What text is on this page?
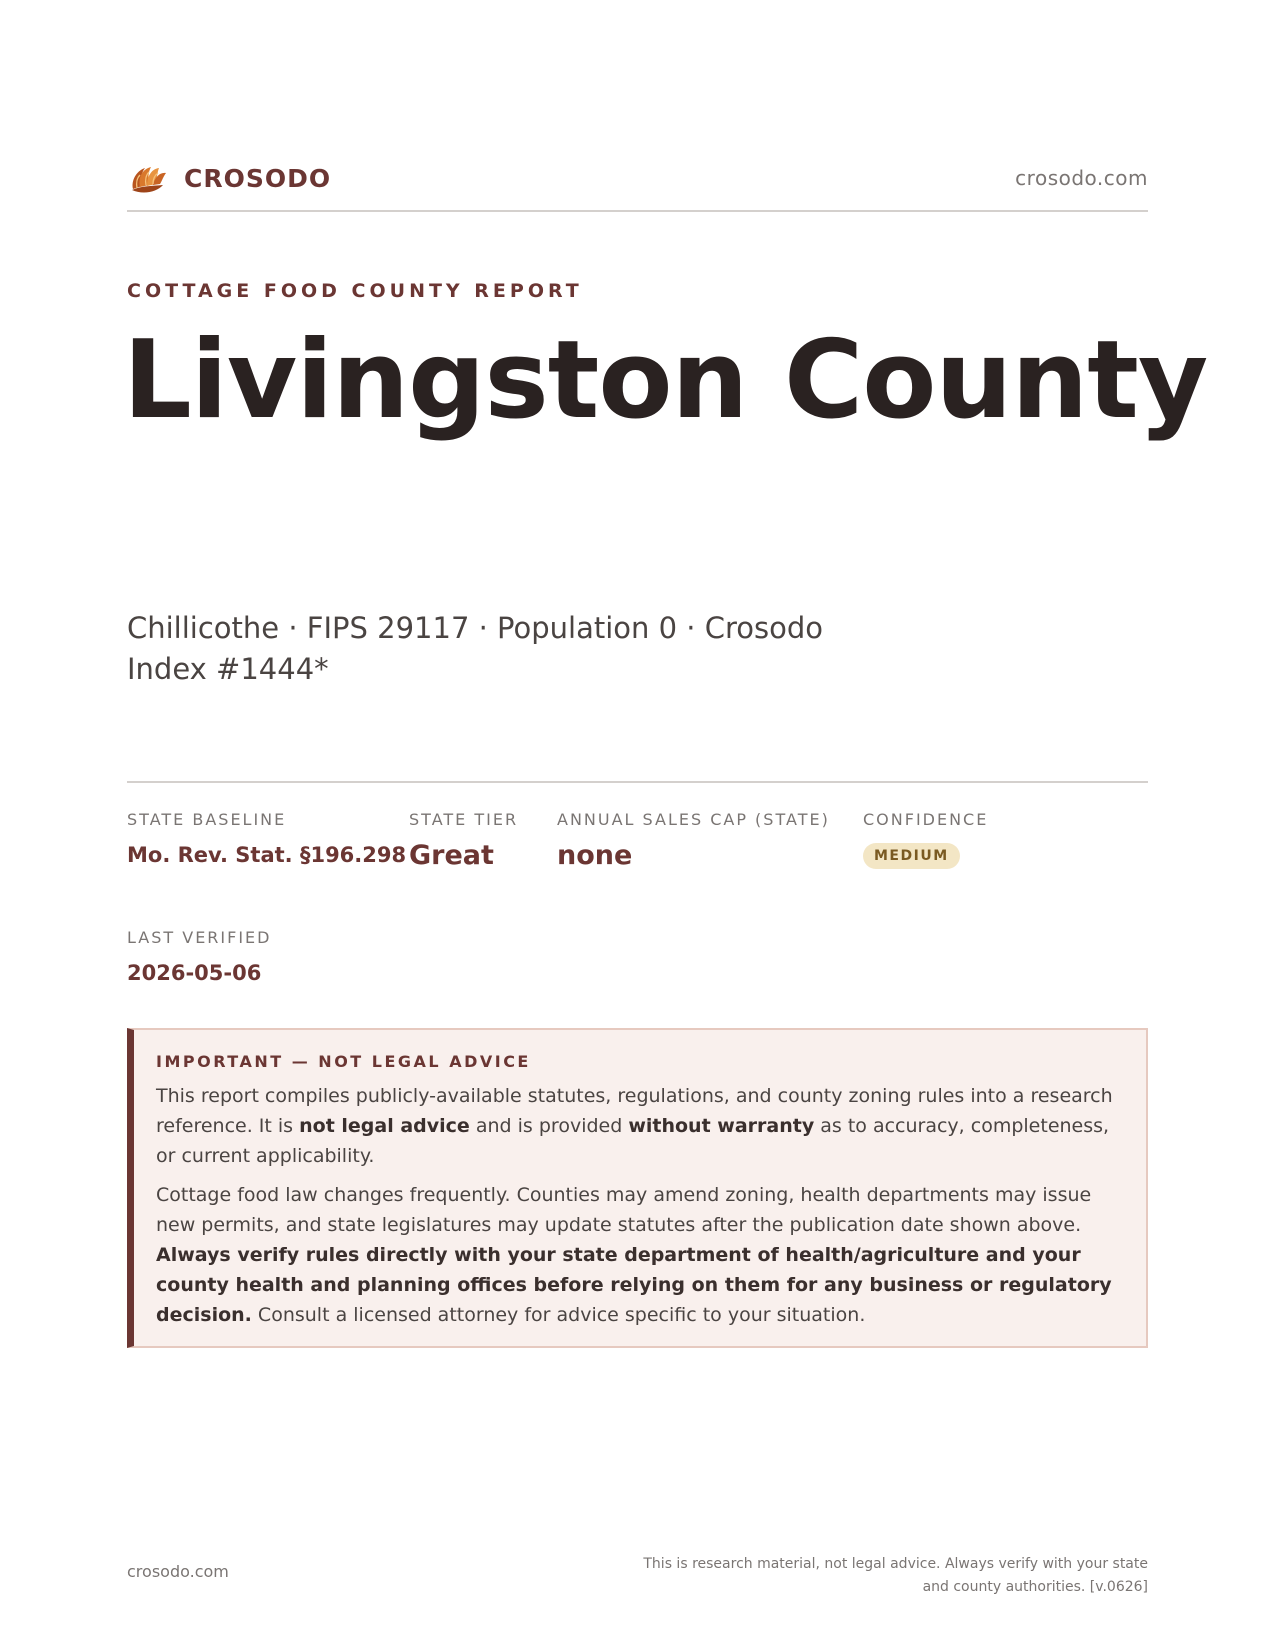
CROSODO	crosodo.com
COTTAGE FOOD COUNTY REPORT
Livingston County
Chillicothe · FIPS 29117 · Population 0 · Crosodo Index #1444*
STATE BASELINE
Mo. Rev. Stat. §196.298
STATE TIER
Great
ANNUAL SALES CAP (STATE)
none
CONFIDENCE
MEDIUM
LAST VERIFIED
2026-05-06
IMPORTANT — NOT LEGAL ADVICE

This report compiles publicly-available statutes, regulations, and county zoning rules into a research reference. It is not legal advice and is provided without warranty as to accuracy, completeness, or current applicability.

Cottage food law changes frequently. Counties may amend zoning, health departments may issue new permits, and state legislatures may update statutes after the publication date shown above. Always verify rules directly with your state department of health/agriculture and your county health and planning offices before relying on them for any business or regulatory decision. Consult a licensed attorney for advice specific to your situation.

crosodo.com	This is research material, not legal advice. Always verify with your state and county authorities. [v.0626]
